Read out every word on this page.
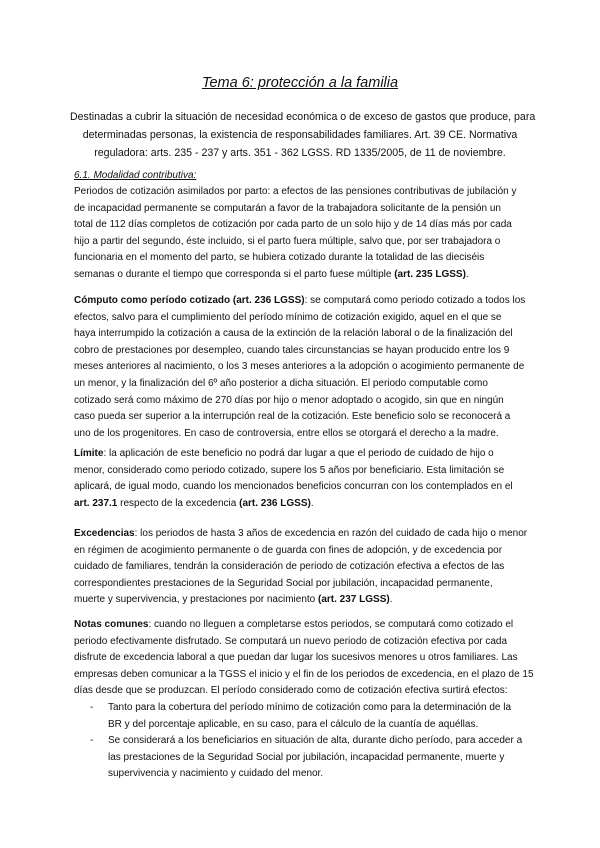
Tema 6: protección a la familia
Destinadas a cubrir la situación de necesidad económica o de exceso de gastos que produce, para
determinadas personas, la existencia de responsabilidades familiares. Art. 39 CE. Normativa
reguladora: arts. 235 - 237 y arts. 351 - 362 LGSS. RD 1335/2005, de 11 de noviembre.
6.1. Modalidad contributiva:
Periodos de cotización asimilados por parto: a efectos de las pensiones contributivas de jubilación y
de incapacidad permanente se computarán a favor de la trabajadora solicitante de la pensión un
total de 112 días completos de cotización por cada parto de un solo hijo y de 14 días más por cada
hijo a partir del segundo, éste incluido, si el parto fuera múltiple, salvo que, por ser trabajadora o
funcionaria en el momento del parto, se hubiera cotizado durante la totalidad de las dieciséis
semanas o durante el tiempo que corresponda si el parto fuese múltiple (art. 235 LGSS).
Cómputo como período cotizado (art. 236 LGSS): se computará como periodo cotizado a todos los
efectos, salvo para el cumplimiento del período mínimo de cotización exigido, aquel en el que se
haya interrumpido la cotización a causa de la extinción de la relación laboral o de la finalización del
cobro de prestaciones por desempleo, cuando tales circunstancias se hayan producido entre los 9
meses anteriores al nacimiento, o los 3 meses anteriores a la adopción o acogimiento permanente de
un menor, y la finalización del 6º año posterior a dicha situación. El periodo computable como
cotizado será como máximo de 270 días por hijo o menor adoptado o acogido, sin que en ningún
caso pueda ser superior a la interrupción real de la cotización. Este beneficio solo se reconocerá a
uno de los progenitores. En caso de controversia, entre ellos se otorgará el derecho a la madre.
Límite: la aplicación de este beneficio no podrá dar lugar a que el periodo de cuidado de hijo o
menor, considerado como periodo cotizado, supere los 5 años por beneficiario. Esta limitación se
aplicará, de igual modo, cuando los mencionados beneficios concurran con los contemplados en el
art. 237.1 respecto de la excedencia (art. 236 LGSS).
Excedencias: los periodos de hasta 3 años de excedencia en razón del cuidado de cada hijo o menor
en régimen de acogimiento permanente o de guarda con fines de adopción, y de excedencia por
cuidado de familiares, tendrán la consideración de periodo de cotización efectiva a efectos de las
correspondientes prestaciones de la Seguridad Social por jubilación, incapacidad permanente,
muerte y supervivencia, y prestaciones por nacimiento (art. 237 LGSS).
Notas comunes: cuando no lleguen a completarse estos periodos, se computará como cotizado el
periodo efectivamente disfrutado. Se computará un nuevo periodo de cotización efectiva por cada
disfrute de excedencia laboral a que puedan dar lugar los sucesivos menores u otros familiares. Las
empresas deben comunicar a la TGSS el inicio y el fin de los periodos de excedencia, en el plazo de 15
días desde que se produzcan. El período considerado como de cotización efectiva surtirá efectos:
- Tanto para la cobertura del período mínimo de cotización como para la determinación de la
BR y del porcentaje aplicable, en su caso, para el cálculo de la cuantía de aquéllas.
- Se considerará a los beneficiarios en situación de alta, durante dicho período, para acceder a
las prestaciones de la Seguridad Social por jubilación, incapacidad permanente, muerte y
supervivencia y nacimiento y cuidado del menor.
